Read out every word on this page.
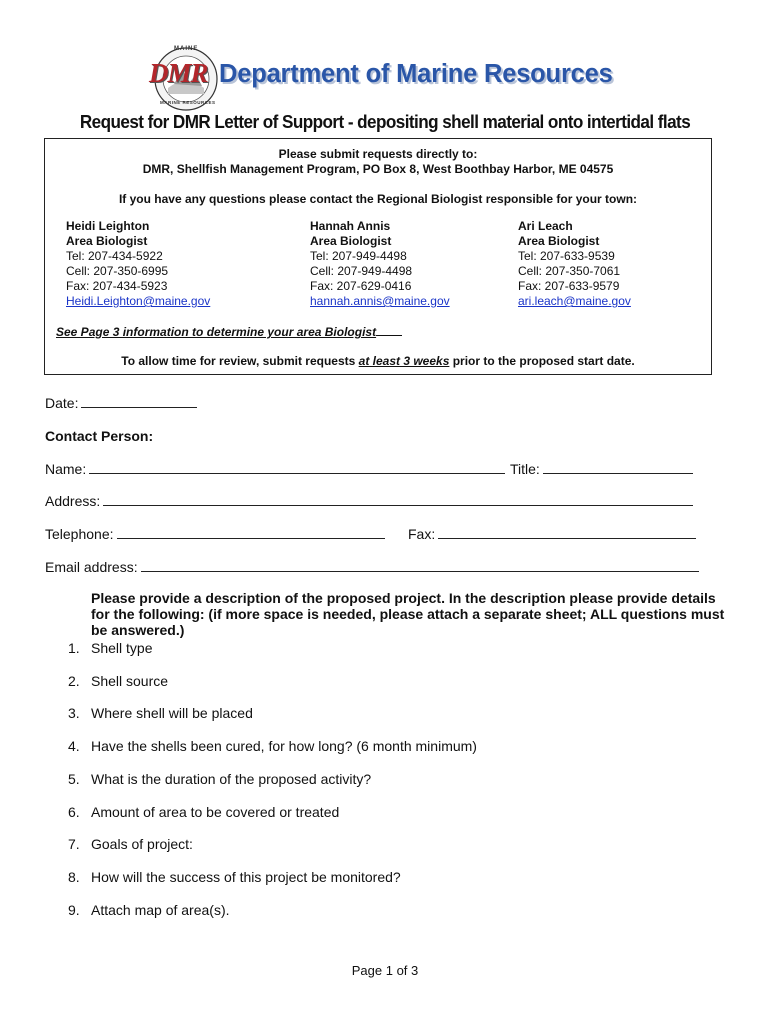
MAINE
DMR
MARINE RESOURCES
Department of Marine Resources
Request for DMR Letter of Support - depositing shell material onto intertidal flats
Please submit requests directly to:
DMR, Shellfish Management Program, PO Box 8, West Boothbay Harbor, ME 04575
If you have any questions please contact the Regional Biologist responsible for your town:
Heidi Leighton
Area Biologist
Tel: 207-434-5922
Cell: 207-350-6995
Fax: 207-434-5923
Heidi.Leighton@maine.gov
Hannah Annis
Area Biologist
Tel: 207-949-4498
Cell: 207-949-4498
Fax: 207-629-0416
hannah.annis@maine.gov
Ari Leach
Area Biologist
Tel: 207-633-9539
Cell: 207-350-7061
Fax: 207-633-9579
ari.leach@maine.gov
See Page 3 information to determine your area Biologist
To allow time for review, submit requests at least 3 weeks prior to the proposed start date.
Date:
Contact Person:
Name:	Title:
Address:
Telephone:	Fax:
Email address:
Please provide a description of the proposed project. In the description please provide details for the following: (if more space is needed, please attach a separate sheet; ALL questions must be answered.)
1. Shell type
2. Shell source
3. Where shell will be placed
4. Have the shells been cured, for how long? (6 month minimum)
5. What is the duration of the proposed activity?
6. Amount of area to be covered or treated
7. Goals of project:
8. How will the success of this project be monitored?
9. Attach map of area(s).
Page 1 of 3
